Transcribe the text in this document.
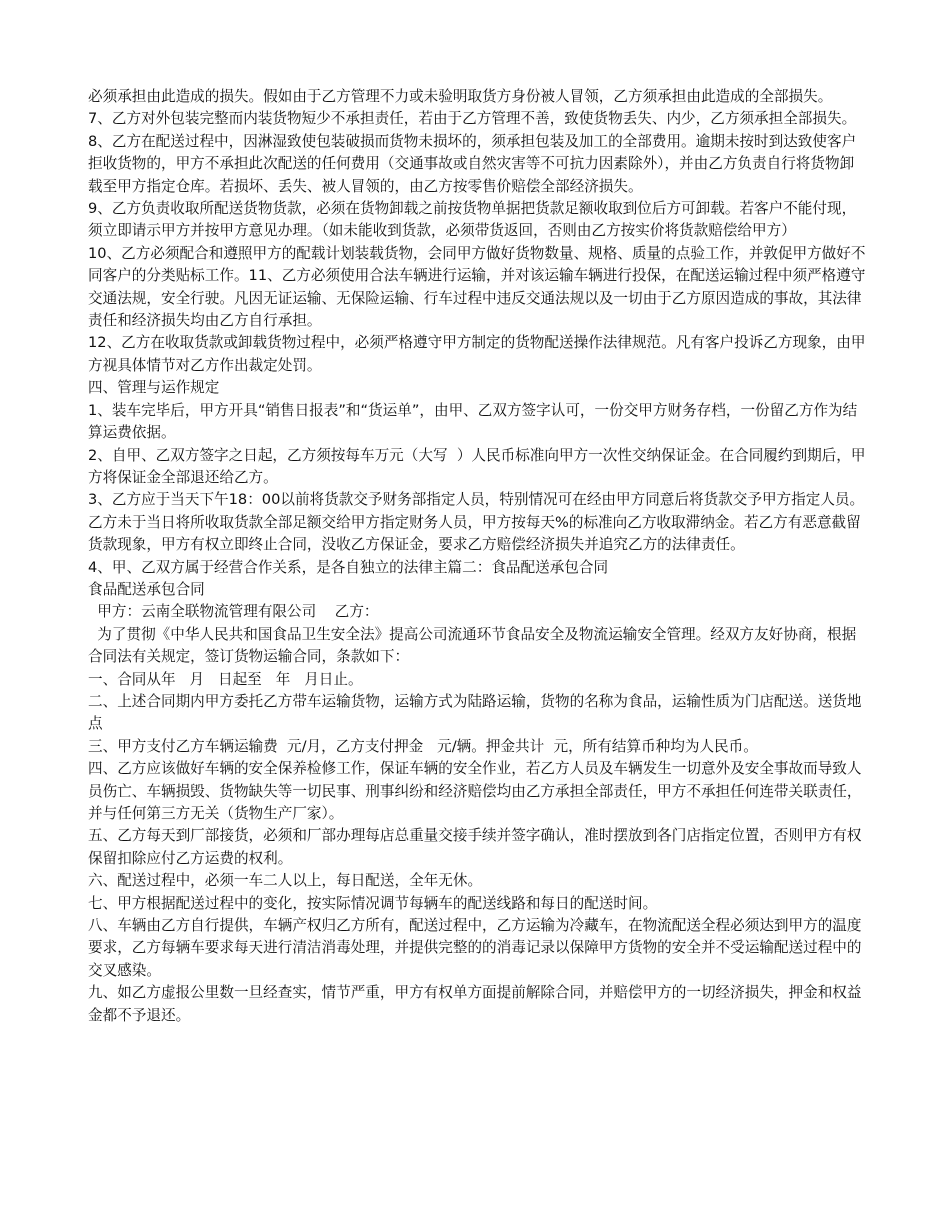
必须承担由此造成的损失。假如由于乙方管理不力或未验明取货方身份被人冒领，乙方须承担由此造成的全部损失。

7、乙方对外包装完整而内装货物短少不承担责任，若由于乙方管理不善，致使货物丢失、内少，乙方须承担全部损失。

8、乙方在配送过程中，因淋湿致使包装破损而货物未损坏的，须承担包装及加工的全部费用。逾期未按时到达致使客户拒收货物的，甲方不承担此次配送的任何费用（交通事故或自然灾害等不可抗力因素除外），并由乙方负责自行将货物卸载至甲方指定仓库。若损坏、丢失、被人冒领的，由乙方按零售价赔偿全部经济损失。

9、乙方负责收取所配送货物货款，必须在货物卸载之前按货物单据把货款足额收取到位后方可卸载。若客户不能付现，须立即请示甲方并按甲方意见办理。（如未能收到货款，必须带货返回，否则由乙方按实价将货款赔偿给甲方）

10、乙方必须配合和遵照甲方的配载计划装载货物，会同甲方做好货物数量、规格、质量的点验工作，并敦促甲方做好不同客户的分类贴标工作。11、乙方必须使用合法车辆进行运输，并对该运输车辆进行投保，在配送运输过程中须严格遵守交通法规，安全行驶。凡因无证运输、无保险运输、行车过程中违反交通法规以及一切由于乙方原因造成的事故，其法律责任和经济损失均由乙方自行承担。

12、乙方在收取货款或卸载货物过程中，必须严格遵守甲方制定的货物配送操作法律规范。凡有客户投诉乙方现象，由甲方视具体情节对乙方作出裁定处罚。

四、管理与运作规定

1、装车完毕后，甲方开具“销售日报表”和“货运单”，由甲、乙双方签字认可，一份交甲方财务存档，一份留乙方作为结算运费依据。

2、自甲、乙双方签字之日起，乙方须按每车万元（大写  ）人民币标准向甲方一次性交纳保证金。在合同履约到期后，甲方将保证金全部退还给乙方。

3、乙方应于当天下午18：00以前将货款交予财务部指定人员，特别情况可在经由甲方同意后将货款交予甲方指定人员。乙方未于当日将所收取货款全部足额交给甲方指定财务人员，甲方按每天%的标准向乙方收取滞纳金。若乙方有恶意截留货款现象，甲方有权立即终止合同，没收乙方保证金，要求乙方赔偿经济损失并追究乙方的法律责任。

4、甲、乙双方属于经营合作关系，是各自独立的法律主篇二：食品配送承包合同

食品配送承包合同

甲方：云南全联物流管理有限公司    乙方：

为了贯彻《中华人民共和国食品卫生安全法》提高公司流通环节食品安全及物流运输安全管理。经双方友好协商，根据合同法有关规定，签订货物运输合同，条款如下：

一、合同从年   月   日起至   年   月日止。

二、上述合同期内甲方委托乙方带车运输货物，运输方式为陆路运输，货物的名称为食品，运输性质为门店配送。送货地点

三、甲方支付乙方车辆运输费  元/月，乙方支付押金   元/辆。押金共计  元，所有结算币种均为人民币。

四、乙方应该做好车辆的安全保养检修工作，保证车辆的安全作业，若乙方人员及车辆发生一切意外及安全事故而导致人员伤亡、车辆损毁、货物缺失等一切民事、刑事纠纷和经济赔偿均由乙方承担全部责任，甲方不承担任何连带关联责任，并与任何第三方无关（货物生产厂家）。

五、乙方每天到厂部接货，必须和厂部办理每店总重量交接手续并签字确认，准时摆放到各门店指定位置，否则甲方有权保留扣除应付乙方运费的权利。

六、配送过程中，必须一车二人以上，每日配送，全年无休。

七、甲方根据配送过程中的变化，按实际情况调节每辆车的配送线路和每日的配送时间。

八、车辆由乙方自行提供，车辆产权归乙方所有，配送过程中，乙方运输为冷藏车，在物流配送全程必须达到甲方的温度要求，乙方每辆车要求每天进行清洁消毒处理，并提供完整的的消毒记录以保障甲方货物的安全并不受运输配送过程中的交叉感染。

九、如乙方虚报公里数一旦经查实，情节严重，甲方有权单方面提前解除合同，并赔偿甲方的一切经济损失，押金和权益金都不予退还。
